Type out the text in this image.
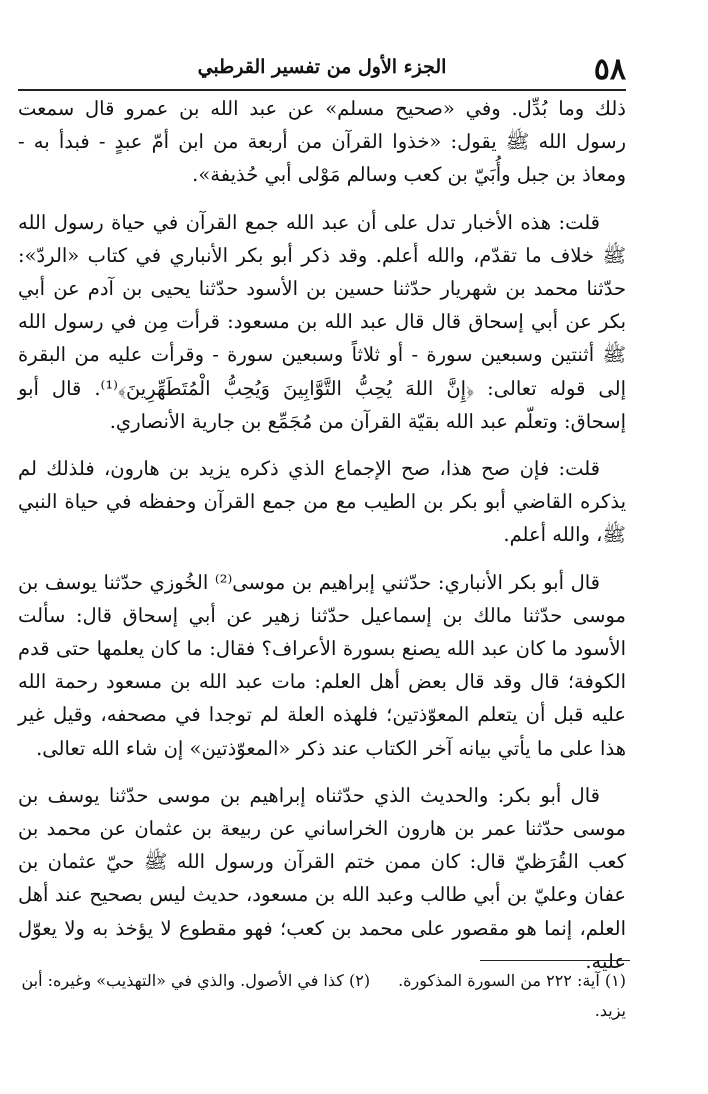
٥٨
الجزء الأول من تفسير القرطبي

ذلك وما بُدِّل. وفي «صحيح مسلم» عن عبد الله بن عمرو قال سمعت رسول الله ﷺ يقول: «خذوا القرآن من أربعة من ابن أمّ عبدٍ - فبدأ به - ومعاذ بن جبل وأُبَيّ بن كعب وسالم مَوْلى أبي حُذيفة».

قلت: هذه الأخبار تدل على أن عبد الله جمع القرآن في حياة رسول الله ﷺ خلاف ما تقدّم، والله أعلم. وقد ذكر أبو بكر الأنباري في كتاب «الردّ»: حدّثنا محمد بن شهريار حدّثنا حسين بن الأسود حدّثنا يحيى بن آدم عن أبي بكر عن أبي إسحاق قال قال عبد الله بن مسعود: قرأت مِن في رسول الله ﷺ أثنتين وسبعين سورة - أو ثلاثاً وسبعين سورة - وقرأت عليه من البقرة إلى قوله تعالى: ﴿إِنَّ اللهَ يُحِبُّ التَّوَّابِينَ وَيُحِبُّ الْمُتَطَهِّرِينَ﴾⁽¹⁾. قال أبو إسحاق: وتعلّم عبد الله بقيّة القرآن من مُجَمِّع بن جارية الأنصاري.

قلت: فإن صح هذا، صح الإجماع الذي ذكره يزيد بن هارون، فلذلك لم يذكره القاضي أبو بكر بن الطيب مع من جمع القرآن وحفظه في حياة النبي ﷺ، والله أعلم.

قال أبو بكر الأنباري: حدّثني إبراهيم بن موسى⁽²⁾ الخُوزي حدّثنا يوسف بن موسى حدّثنا مالك بن إسماعيل حدّثنا زهير عن أبي إسحاق قال: سألت الأسود ما كان عبد الله يصنع بسورة الأعراف؟ فقال: ما كان يعلمها حتى قدم الكوفة؛ قال وقد قال بعض أهل العلم: مات عبد الله بن مسعود رحمة الله عليه قبل أن يتعلم المعوّذتين؛ فلهذه العلة لم توجدا في مصحفه، وقيل غير هذا على ما يأتي بيانه آخر الكتاب عند ذكر «المعوّذتين» إن شاء الله تعالى.

قال أبو بكر: والحديث الذي حدّثناه إبراهيم بن موسى حدّثنا يوسف بن موسى حدّثنا عمر بن هارون الخراساني عن ربيعة بن عثمان عن محمد بن كعب القُرَظيّ قال: كان ممن ختم القرآن ورسول الله ﷺ حيّ عثمان بن عفان وعليّ بن أبي طالب وعبد الله بن مسعود، حديث ليس بصحيح عند أهل العلم، إنما هو مقصور على محمد بن كعب؛ فهو مقطوع لا يؤخذ به ولا يعوّل عليه.

(١) آية: ٢٢٢ من السورة المذكورة.(٢) كذا في الأصول. والذي في «التهذيب» وغيره: أبن يزيد.
